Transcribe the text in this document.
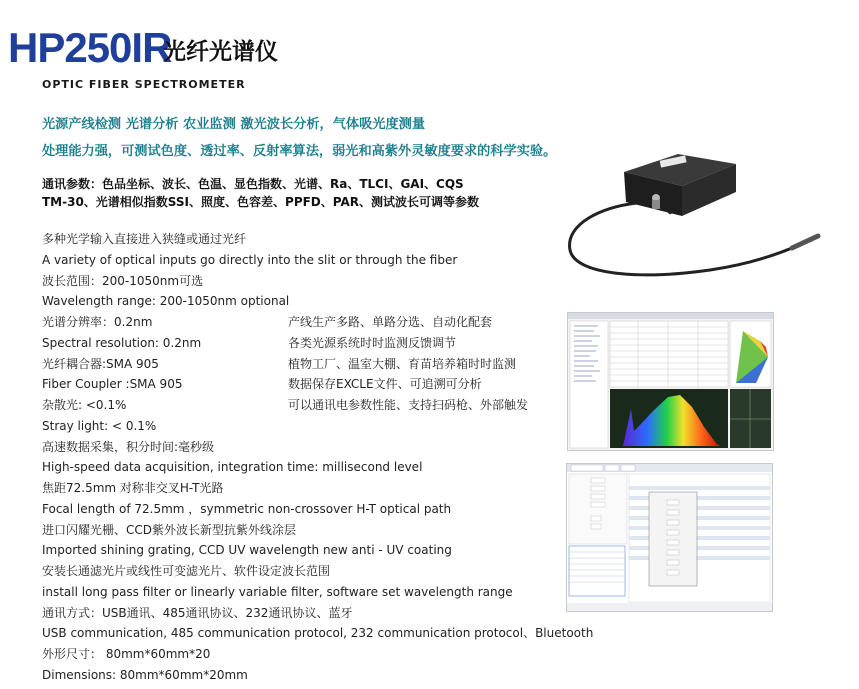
HP250IR
光纤光谱仪
OPTIC FIBER SPECTROMETER
光源产线检测 光谱分析 农业监测 激光波长分析，气体吸光度测量
处理能力强，可测试色度、透过率、反射率算法，弱光和高紫外灵敏度要求的科学实验。
通讯参数：色品坐标、波长、色温、显色指数、光谱、Ra、TLCI、GAI、CQS
TM-30、光谱相似指数SSI、照度、色容差、PPFD、PAR、测试波长可调等参数
多种光学输入直接进入狭缝或通过光纤
A variety of optical inputs go directly into the slit or through the fiber
波长范围：200-1050nm可选
Wavelength range: 200-1050nm optional
光谱分辨率：0.2nm
Spectral resolution: 0.2nm
光纤耦合器:SMA 905
Fiber Coupler :SMA 905
杂散光: <0.1%
Stray light: < 0.1%
高速数据采集，积分时间:毫秒级
High-speed data acquisition, integration time: millisecond level
焦距72.5mm 对称非交叉H-T光路
Focal length of 72.5mm ，symmetric non-crossover H-T optical path
进口闪耀光栅、CCD紫外波长新型抗紫外线涂层
Imported shining grating, CCD UV wavelength new anti - UV coating
安装长通滤光片或线性可变滤光片、软件设定波长范围
install long pass filter or linearly variable filter, software set wavelength range
通讯方式：USB通讯、485通讯协议、232通讯协议、蓝牙
USB communication, 485 communication protocol, 232 communication protocol、Bluetooth
外形尺寸： 80mm*60mm*20
Dimensions: 80mm*60mm*20mm
产线生产多路、单路分选、自动化配套
各类光源系统时时监测反馈调节
植物工厂、温室大棚、育苗培养箱时时监测
数据保存EXCLE文件、可追溯可分析
可以通讯电参数性能、支持扫码枪、外部触发
